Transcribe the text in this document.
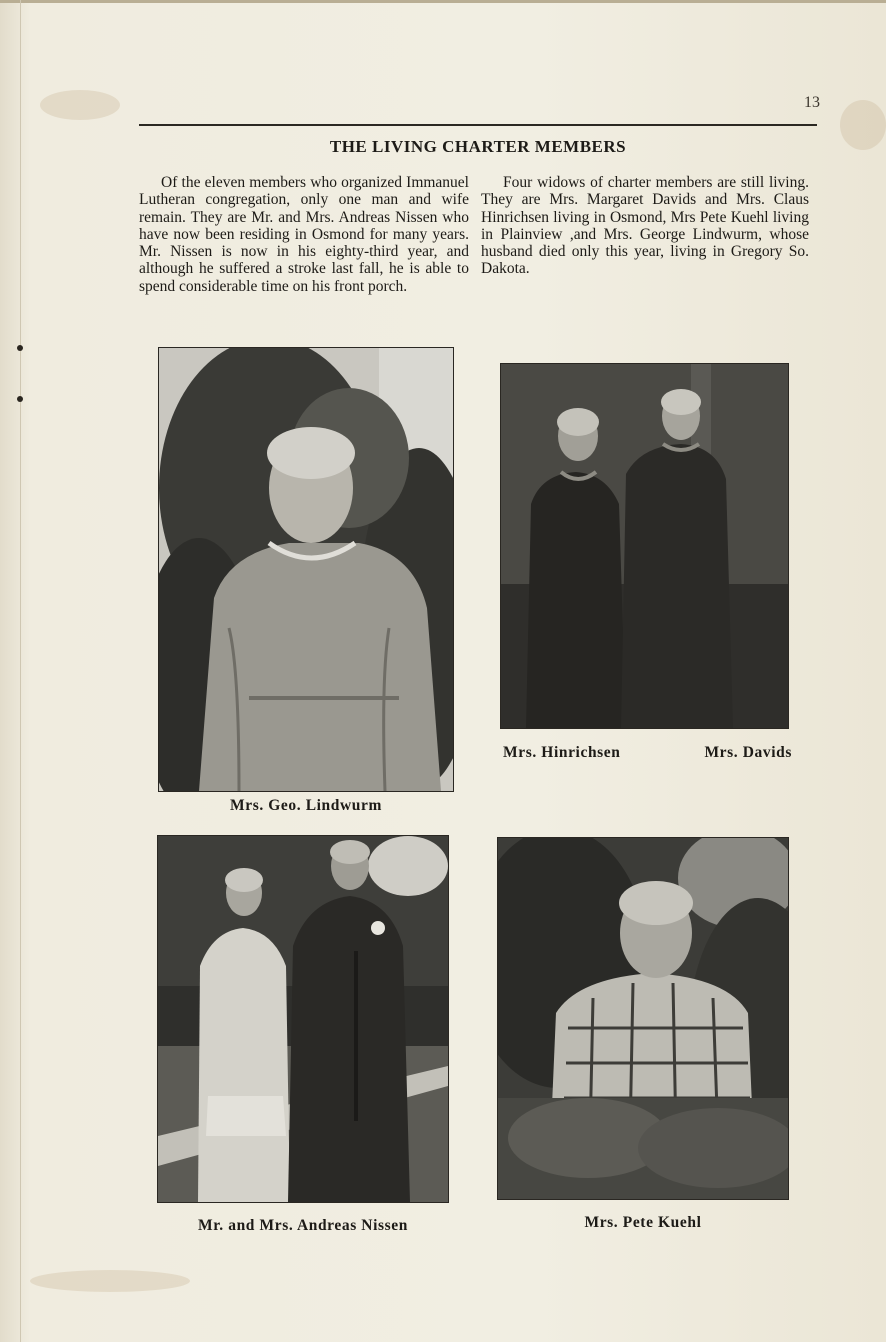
13
THE LIVING CHARTER MEMBERS

Of the eleven members who organized Immanuel Lutheran congregation, only one man and wife remain. They are Mr. and Mrs. Andreas Nissen who have now been residing in Osmond for many years. Mr. Nissen is now in his eighty-third year, and although he suffered a stroke last fall, he is able to spend considerable time on his front porch.

Four widows of charter members are still living. They are Mrs. Margaret Davids and Mrs. Claus Hinrichsen living in Osmond, Mrs Pete Kuehl living in Plainview ,and Mrs. George Lindwurm, whose husband died only this year, living in Gregory So. Dakota.

Mrs. Geo. Lindwurm
Mrs. Hinrichsen	Mrs. Davids
Mr. and Mrs. Andreas Nissen	Mrs. Pete Kuehl
